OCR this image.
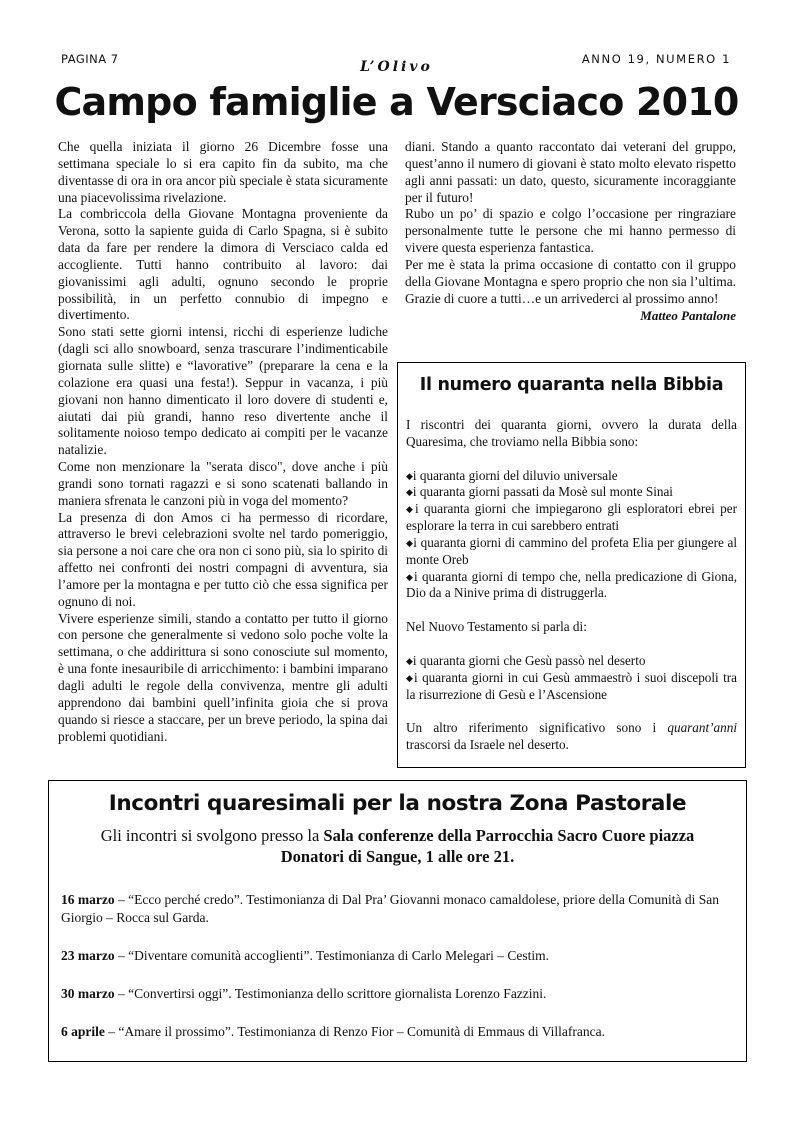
PAGINA 7	L’Olivo	ANNO 19, NUMERO 1
Campo famiglie a Versciaco 2010

Che quella iniziata il giorno 26 Dicembre fosse una settimana speciale lo si era capito fin da subito, ma che diventasse di ora in ora ancor più speciale è stata sicuramente una piacevolissima rivelazione.

La combriccola della Giovane Montagna proveniente da Verona, sotto la sapiente guida di Carlo Spagna, si è subito data da fare per rendere la dimora di Versciaco calda ed accogliente. Tutti hanno contribuito al lavoro: dai giovanissimi agli adulti, ognuno secondo le proprie possibilità, in un perfetto connubio di impegno e divertimento.

Sono stati sette giorni intensi, ricchi di esperienze ludiche (dagli sci allo snowboard, senza trascurare l’indimenticabile giornata sulle slitte) e “lavorative” (preparare la cena e la colazione era quasi una festa!). Seppur in vacanza, i più giovani non hanno dimenticato il loro dovere di studenti e, aiutati dai più grandi, hanno reso divertente anche il solitamente noioso tempo dedicato ai compiti per le vacanze natalizie.

Come non menzionare la "serata disco", dove anche i più grandi sono tornati ragazzi e si sono scatenati ballando in maniera sfrenata le canzoni più in voga del momento?

La presenza di don Amos ci ha permesso di ricordare, attraverso le brevi celebrazioni svolte nel tardo pomeriggio, sia persone a noi care che ora non ci sono più, sia lo spirito di affetto nei confronti dei nostri compagni di avventura, sia l’amore per la montagna e per tutto ciò che essa significa per ognuno di noi.

Vivere esperienze simili, stando a contatto per tutto il giorno con persone che generalmente si vedono solo poche volte la settimana, o che addirittura si sono conosciute sul momento, è una fonte inesauribile di arricchimento: i bambini imparano dagli adulti le regole della convivenza, mentre gli adulti apprendono dai bambini quell’infinita gioia che si prova quando si riesce a staccare, per un breve periodo, la spina dai problemi quotidiani.

diani. Stando a quanto raccontato dai veterani del gruppo, quest’anno il numero di giovani è stato molto elevato rispetto agli anni passati: un dato, questo, sicuramente incoraggiante per il futuro!

Rubo un po’ di spazio e colgo l’occasione per ringraziare personalmente tutte le persone che mi hanno permesso di vivere questa esperienza fantastica.

Per me è stata la prima occasione di contatto con il gruppo della Giovane Montagna e spero proprio che non sia l’ultima. Grazie di cuore a tutti…e un arrivederci al prossimo anno!

Matteo Pantalone
Il numero quaranta nella Bibbia

I riscontri dei quaranta giorni, ovvero la durata della Quaresima, che troviamo nella Bibbia sono:

◆ i quaranta giorni del diluvio universale

◆ i quaranta giorni passati da Mosè sul monte Sinai

◆ i quaranta giorni che impiegarono gli esploratori ebrei per esplorare la terra in cui sarebbero entrati

◆ i quaranta giorni di cammino del profeta Elia per giungere al monte Oreb

◆ i quaranta giorni di tempo che, nella predicazione di Giona, Dio da a Ninive prima di distruggerla.

Nel Nuovo Testamento si parla di:

◆ i quaranta giorni che Gesù passò nel deserto

◆ i quaranta giorni in cui Gesù ammaestrò i suoi discepoli tra la risurrezione di Gesù e l’Ascensione

Un altro riferimento significativo sono i quarant’anni trascorsi da Israele nel deserto.

Incontri quaresimali per la nostra Zona Pastorale
Gli incontri si svolgono presso la Sala conferenze della Parrocchia Sacro Cuore piazza Donatori di Sangue, 1 alle ore 21.

16 marzo – “Ecco perché credo”. Testimonianza di Dal Pra’ Giovanni monaco camaldolese, priore della Comunità di San Giorgio – Rocca sul Garda.

23 marzo – “Diventare comunità accoglienti”. Testimonianza di Carlo Melegari – Cestim.

30 marzo – “Convertirsi oggi”. Testimonianza dello scrittore giornalista Lorenzo Fazzini.

6 aprile – “Amare il prossimo”. Testimonianza di Renzo Fior – Comunità di Emmaus di Villafranca.
